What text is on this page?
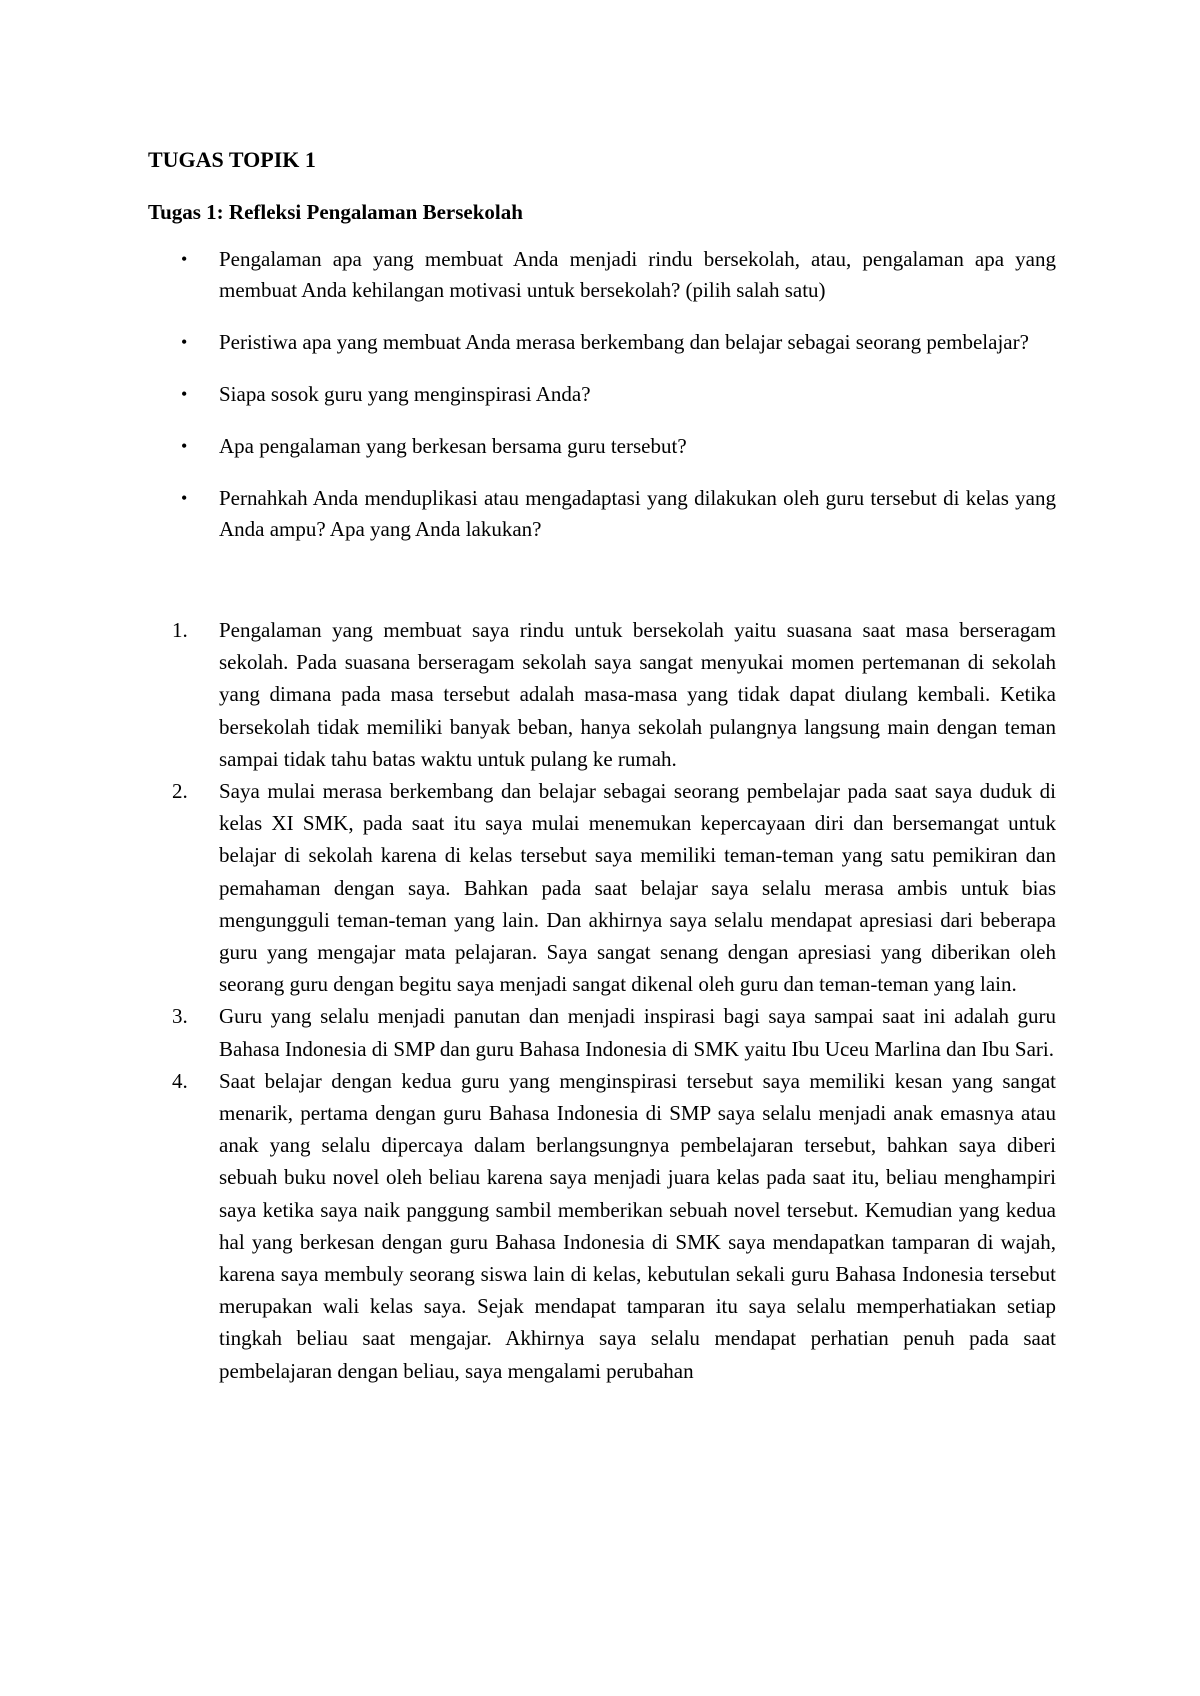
TUGAS TOPIK 1
Tugas 1: Refleksi Pengalaman Bersekolah
• Pengalaman apa yang membuat Anda menjadi rindu bersekolah, atau, pengalaman apa yang membuat Anda kehilangan motivasi untuk bersekolah? (pilih salah satu)
• Peristiwa apa yang membuat Anda merasa berkembang dan belajar sebagai seorang pembelajar?
• Siapa sosok guru yang menginspirasi Anda?
• Apa pengalaman yang berkesan bersama guru tersebut?
• Pernahkah Anda menduplikasi atau mengadaptasi yang dilakukan oleh guru tersebut di kelas yang Anda ampu? Apa yang Anda lakukan?
1. Pengalaman yang membuat saya rindu untuk bersekolah yaitu suasana saat masa berseragam sekolah. Pada suasana berseragam sekolah saya sangat menyukai momen pertemanan di sekolah yang dimana pada masa tersebut adalah masa-masa yang tidak dapat diulang kembali. Ketika bersekolah tidak memiliki banyak beban, hanya sekolah pulangnya langsung main dengan teman sampai tidak tahu batas waktu untuk pulang ke rumah.
2. Saya mulai merasa berkembang dan belajar sebagai seorang pembelajar pada saat saya duduk di kelas XI SMK, pada saat itu saya mulai menemukan kepercayaan diri dan bersemangat untuk belajar di sekolah karena di kelas tersebut saya memiliki teman-teman yang satu pemikiran dan pemahaman dengan saya. Bahkan pada saat belajar saya selalu merasa ambis untuk bias mengungguli teman-teman yang lain. Dan akhirnya saya selalu mendapat apresiasi dari beberapa guru yang mengajar mata pelajaran. Saya sangat senang dengan apresiasi yang diberikan oleh seorang guru dengan begitu saya menjadi sangat dikenal oleh guru dan teman-teman yang lain.
3. Guru yang selalu menjadi panutan dan menjadi inspirasi bagi saya sampai saat ini adalah guru Bahasa Indonesia di SMP dan guru Bahasa Indonesia di SMK yaitu Ibu Uceu Marlina dan Ibu Sari.
4. Saat belajar dengan kedua guru yang menginspirasi tersebut saya memiliki kesan yang sangat menarik, pertama dengan guru Bahasa Indonesia di SMP saya selalu menjadi anak emasnya atau anak yang selalu dipercaya dalam berlangsungnya pembelajaran tersebut, bahkan saya diberi sebuah buku novel oleh beliau karena saya menjadi juara kelas pada saat itu, beliau menghampiri saya ketika saya naik panggung sambil memberikan sebuah novel tersebut. Kemudian yang kedua hal yang berkesan dengan guru Bahasa Indonesia di SMK saya mendapatkan tamparan di wajah, karena saya membuly seorang siswa lain di kelas, kebutulan sekali guru Bahasa Indonesia tersebut merupakan wali kelas saya. Sejak mendapat tamparan itu saya selalu memperhatiakan setiap tingkah beliau saat mengajar. Akhirnya saya selalu mendapat perhatian penuh pada saat pembelajaran dengan beliau, saya mengalami perubahan
